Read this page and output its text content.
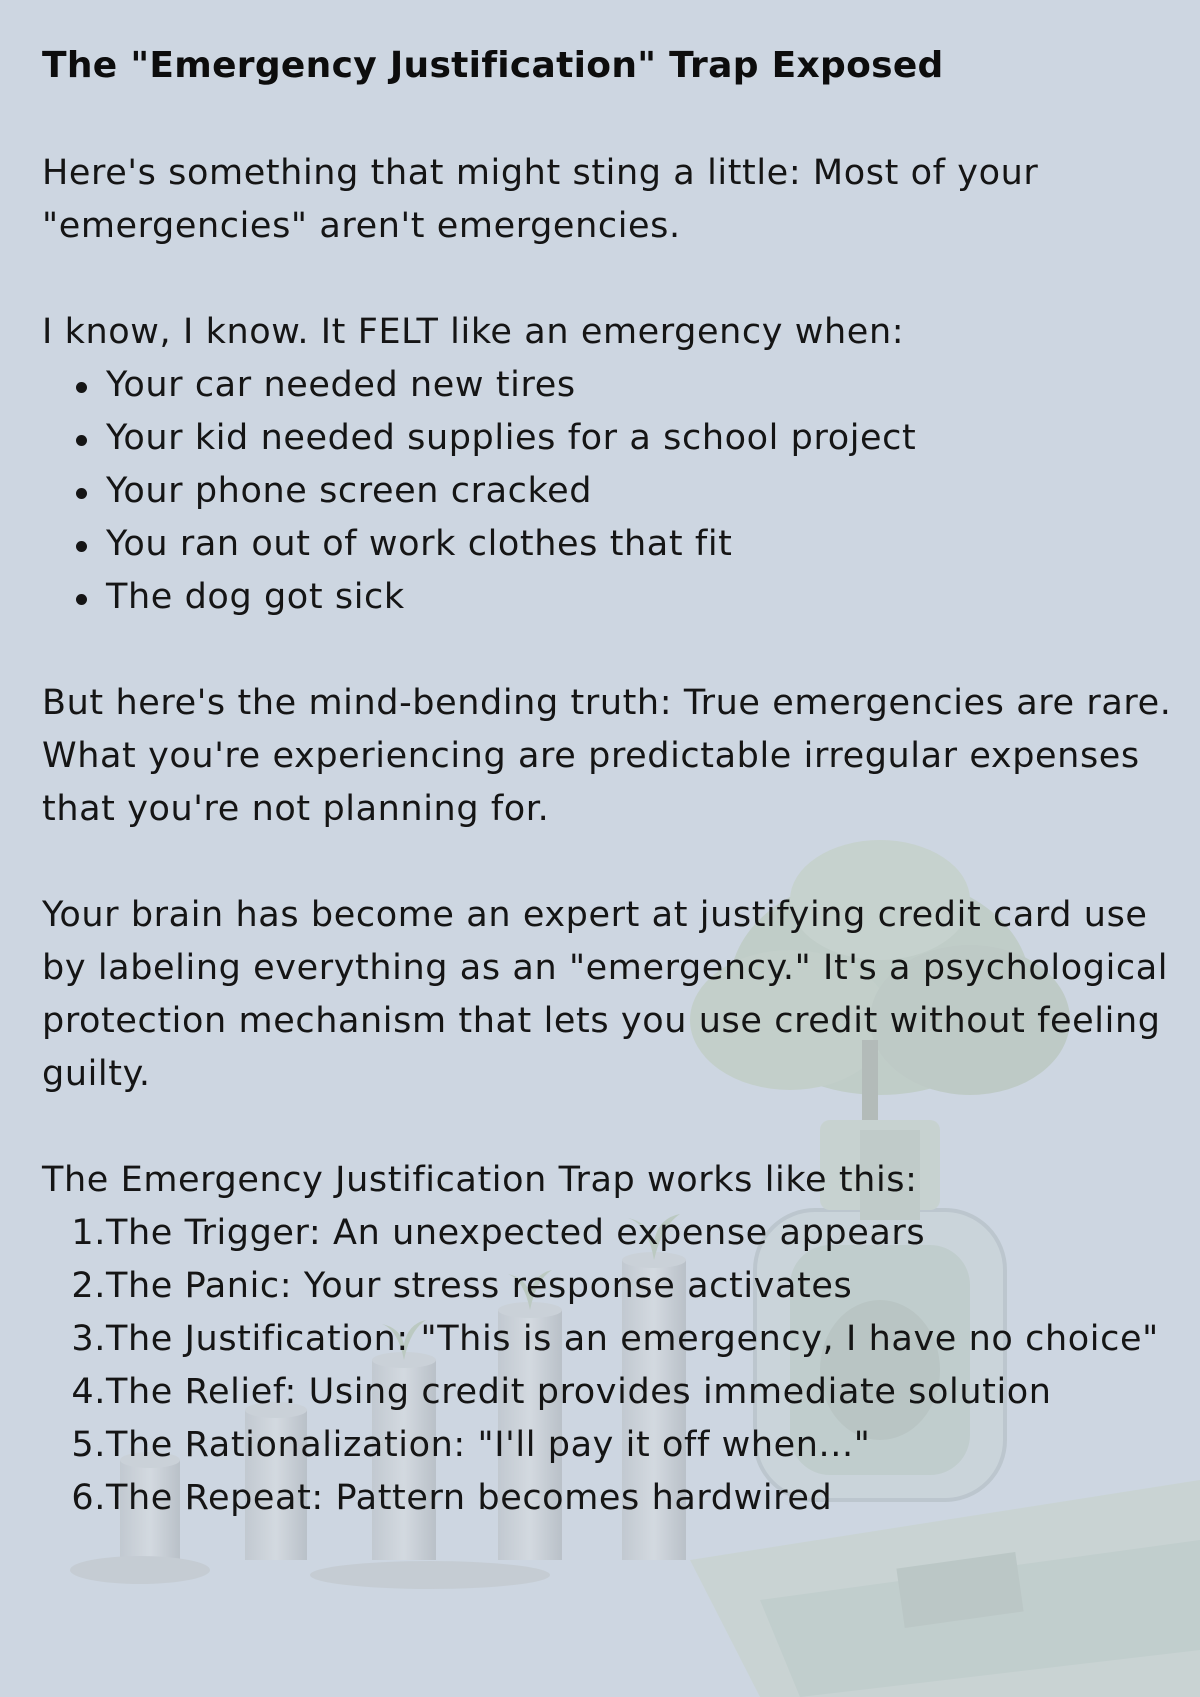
The "Emergency Justification" Trap Exposed

Here's something that might sting a little: Most of your "emergencies" aren't emergencies.

I know, I know. It FELT like an emergency when:

Your car needed new tires
Your kid needed supplies for a school project
Your phone screen cracked
You ran out of work clothes that fit
The dog got sick

But here's the mind-bending truth: True emergencies are rare. What you're experiencing are predictable irregular expenses that you're not planning for.

Your brain has become an expert at justifying credit card use by labeling everything as an "emergency." It's a psychological protection mechanism that lets you use credit without feeling guilty.

The Emergency Justification Trap works like this:

1. The Trigger: An unexpected expense appears
2. The Panic: Your stress response activates
3. The Justification: "This is an emergency, I have no choice"
4. The Relief: Using credit provides immediate solution
5. The Rationalization: "I'll pay it off when..."
6. The Repeat: Pattern becomes hardwired
